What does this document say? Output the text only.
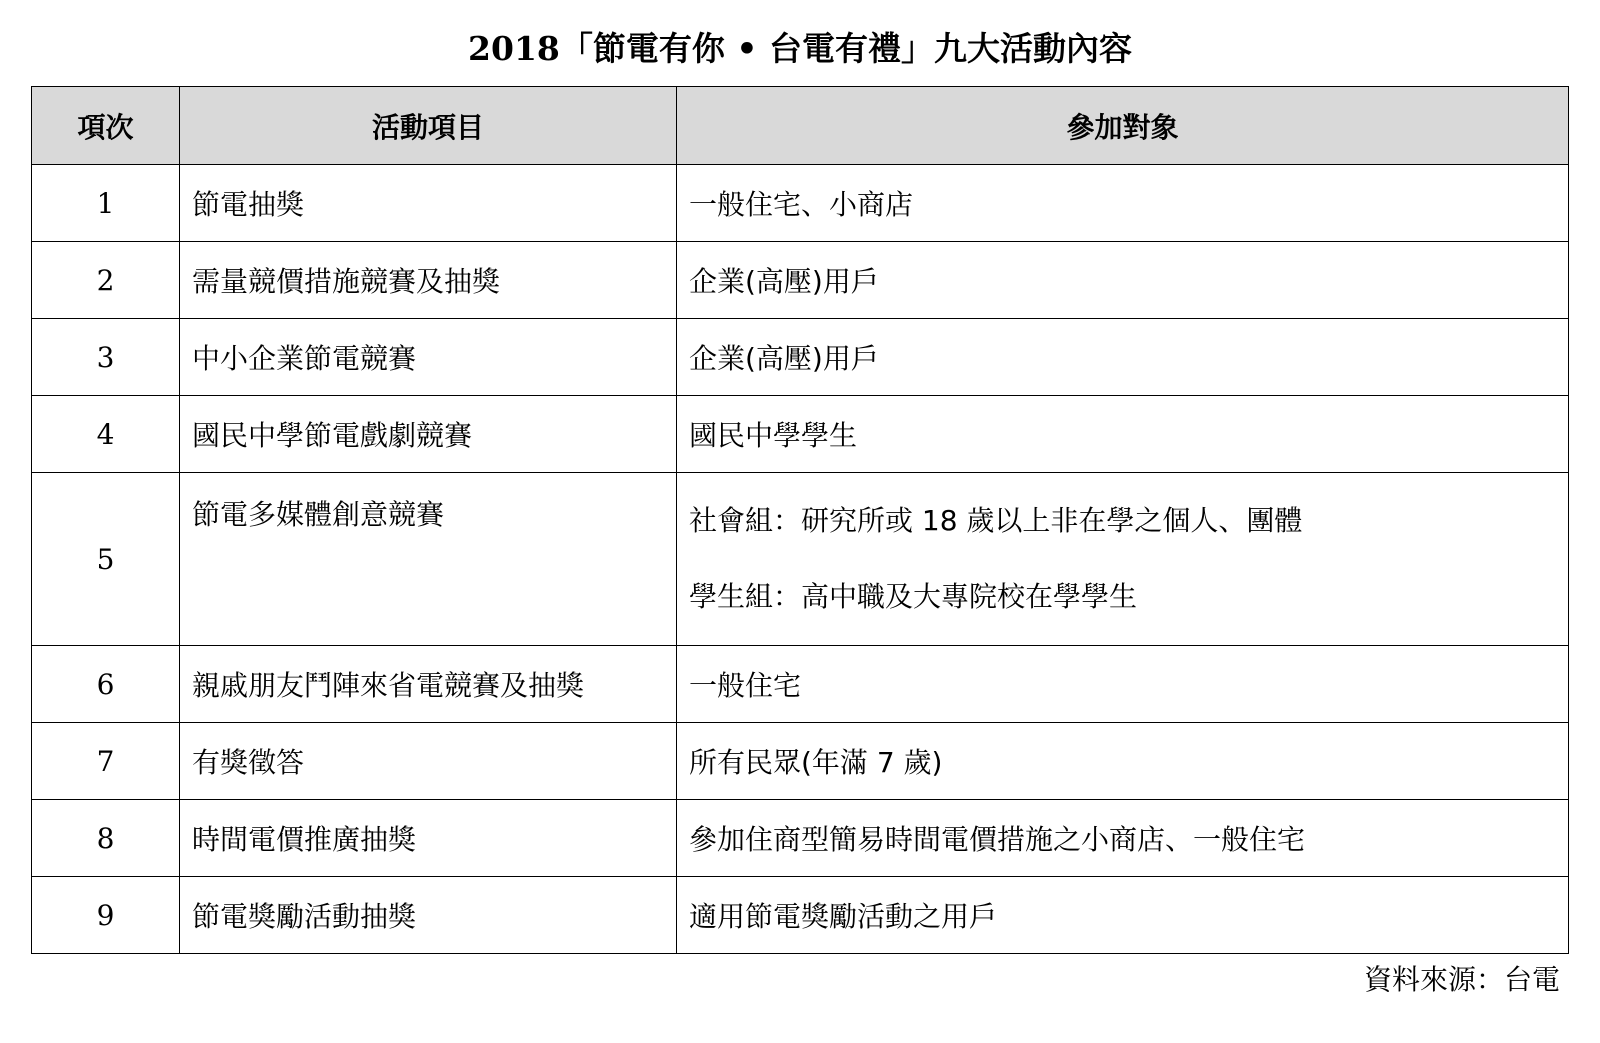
2018「節電有你 • 台電有禮」九大活動內容
項次	活動項目	參加對象
1	節電抽獎	一般住宅、小商店
2	需量競價措施競賽及抽獎	企業(高壓)用戶
3	中小企業節電競賽	企業(高壓)用戶
4	國民中學節電戲劇競賽	國民中學學生
5	節電多媒體創意競賽	社會組：研究所或 18 歲以上非在學之個人、團體
學生組：高中職及大專院校在學學生

6	親戚朋友鬥陣來省電競賽及抽獎	一般住宅
7	有獎徵答	所有民眾(年滿 7 歲)
8	時間電價推廣抽獎	參加住商型簡易時間電價措施之小商店、一般住宅
9	節電獎勵活動抽獎	適用節電獎勵活動之用戶
資料來源：台電
